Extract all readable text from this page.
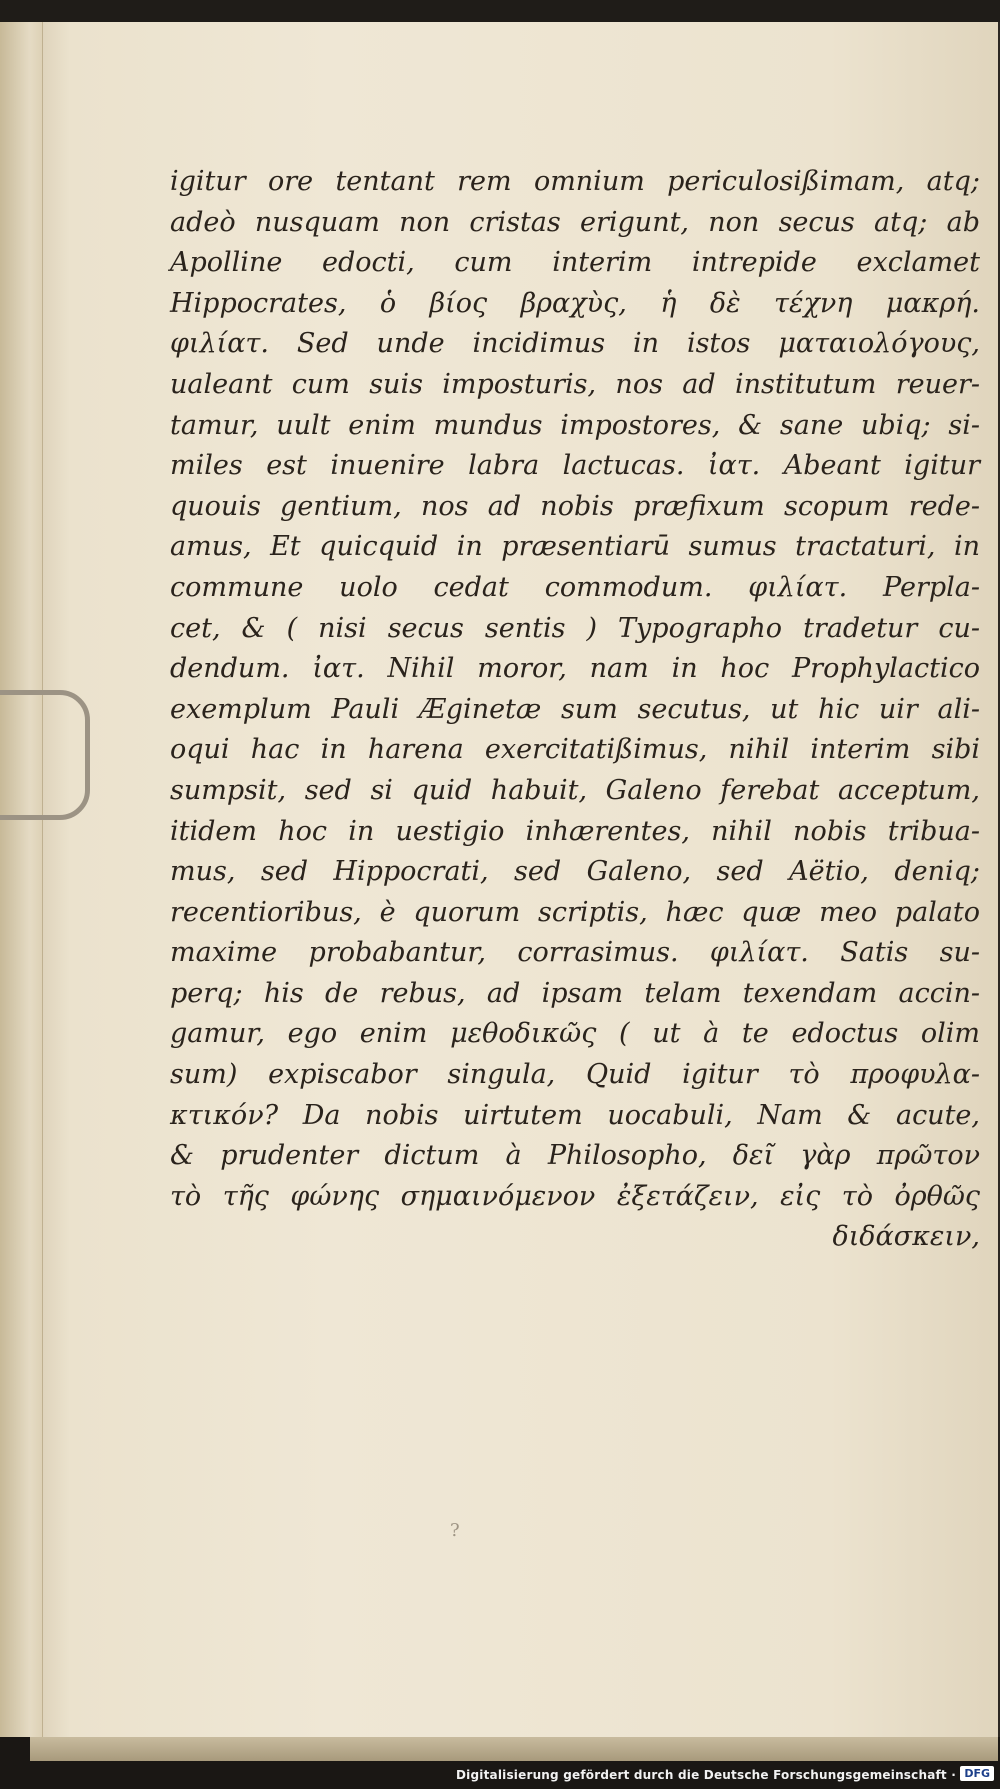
igitur ore tentant rem omnium periculosißimam, atq;
adeò nusquam non cristas erigunt, non secus atq; ab
Apolline edocti, cum interim intrepide exclamet
Hippocrates, ὁ βίος βραχὺς, ἡ δὲ τέχνη μακρή.
φιλίατ. Sed unde incidimus in istos ματαιολόγους,
ualeant cum suis imposturis, nos ad institutum reuer-
tamur, uult enim mundus impostores, & sane ubiq; si-
miles est inuenire labra lactucas. ἰατ. Abeant igitur
quouis gentium, nos ad nobis præfixum scopum rede-
amus, Et quicquid in præsentiarū sumus tractaturi, in
commune uolo cedat commodum. φιλίατ. Perpla-
cet, & ( nisi secus sentis ) Typographo tradetur cu-
dendum. ἰατ. Nihil moror, nam in hoc Prophylactico
exemplum Pauli Æginetæ sum secutus, ut hic uir ali-
oqui hac in harena exercitatißimus, nihil interim sibi
sumpsit, sed si quid habuit, Galeno ferebat acceptum,
itidem hoc in uestigio inhærentes, nihil nobis tribua-
mus, sed Hippocrati, sed Galeno, sed Aëtio, deniq;
recentioribus, è quorum scriptis, hæc quæ meo palato
maxime probabantur, corrasimus. φιλίατ. Satis su-
perq; his de rebus, ad ipsam telam texendam accin-
gamur, ego enim μεθοδικῶς ( ut à te edoctus olim
sum) expiscabor singula, Quid igitur τὸ προφυλα-
κτικόν? Da nobis uirtutem uocabuli, Nam & acute,
& prudenter dictum à Philosopho, δεῖ γὰρ πρῶτον
τὸ τῆς φώνης σημαινόμενον ἐξετάζειν, εἰς τὸ ὀρθῶς
διδάσκειν,
?
Digitalisierung gefördert durch die Deutsche Forschungsgemeinschaft · DFG
